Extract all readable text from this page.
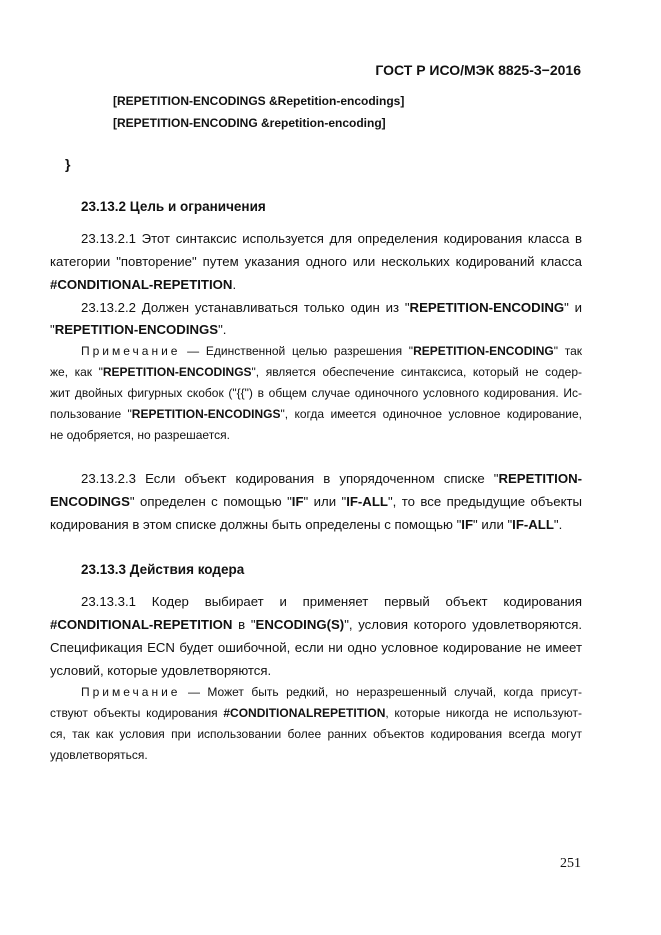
ГОСТ Р ИСО/МЭК 8825-3−2016
[REPETITION-ENCODINGS &Repetition-encodings]
[REPETITION-ENCODING &repetition-encoding]
}
23.13.2 Цель и ограничения
23.13.2.1 Этот синтаксис используется для определения кодирования класса в
категории "повторение" путем указания одного или нескольких кодирований класса
#CONDITIONAL-REPETITION.
23.13.2.2 Должен устанавливаться только один из "REPETITION-ENCODING" и
"REPETITION-ENCODINGS".
Примечание — Единственной целью разрешения "REPETITION-ENCODING" так
же, как "REPETITION-ENCODINGS", является обеспечение синтаксиса, который не содер-
жит двойных фигурных скобок ("{{") в общем случае одиночного условного кодирования. Ис-
пользование "REPETITION-ENCODINGS", когда имеется одиночное условное кодирование,
не одобряется, но разрешается.
23.13.2.3 Если объект кодирования в упорядоченном списке "REPETITION-
ENCODINGS" определен с помощью "IF" или "IF-ALL", то все предыдущие объекты
кодирования в этом списке должны быть определены с помощью "IF" или "IF-ALL".
23.13.3 Действия кодера
23.13.3.1 Кодер выбирает и применяет первый объект кодирования
#CONDITIONAL-REPETITION в "ENCODING(S)", условия которого удовлетворяются.
Спецификация ECN будет ошибочной, если ни одно условное кодирование не имеет
условий, которые удовлетворяются.
Примечание — Может быть редкий, но неразрешенный случай, когда присут-
ствуют объекты кодирования #CONDITIONALREPETITION, которые никогда не используют-
ся, так как условия при использовании более ранних объектов кодирования всегда могут
удовлетворяться.
251
